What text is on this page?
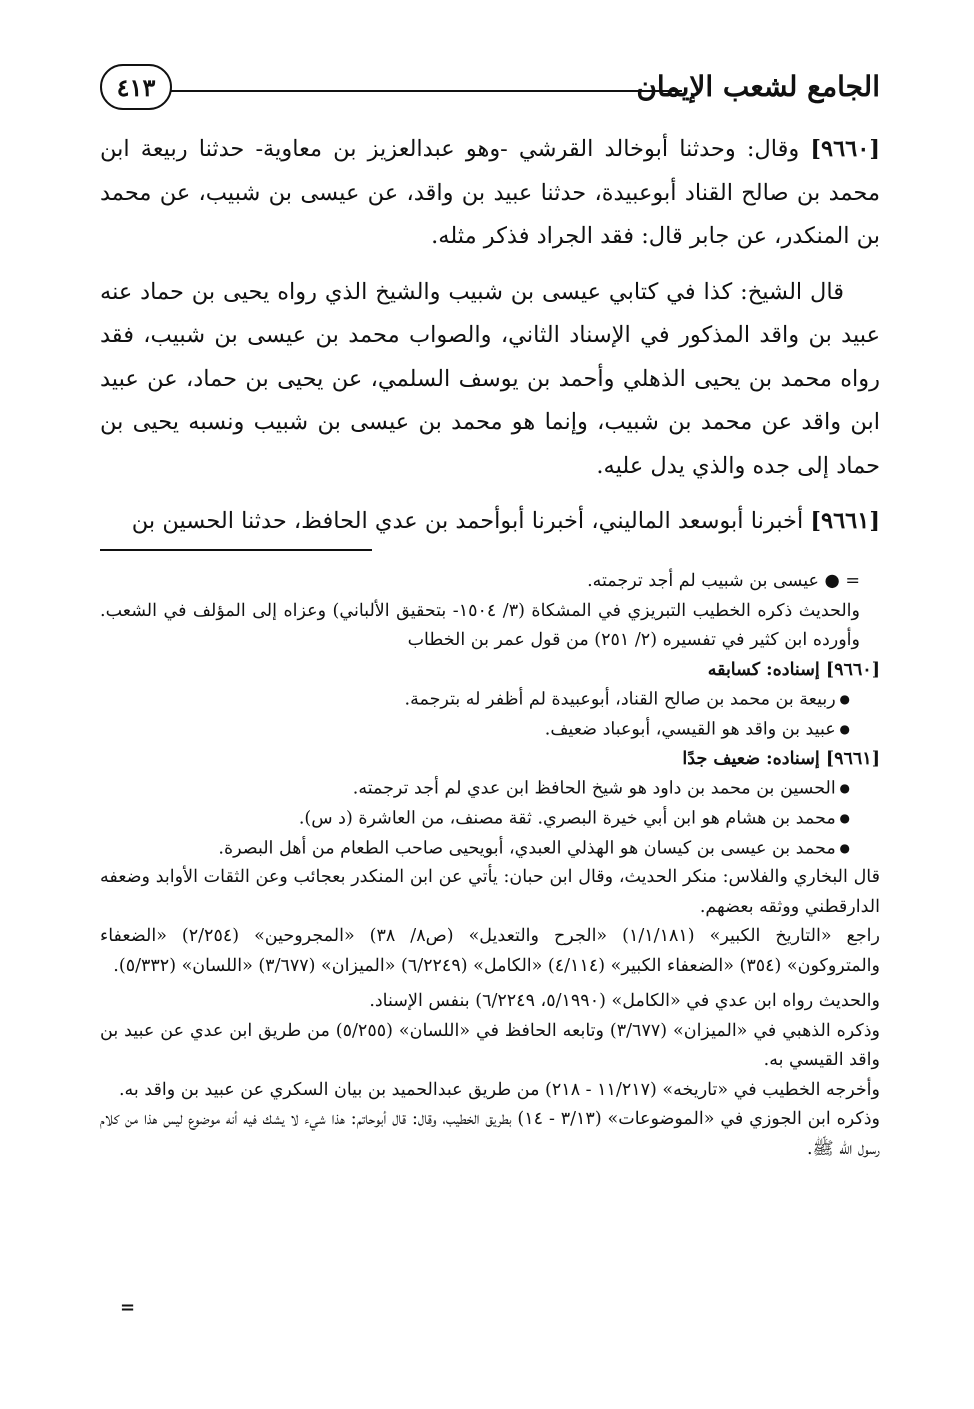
الجامع لشعب الإيمان
٤١٣

[٩٦٦٠] وقال: وحدثنا أبوخالد القرشي -وهو عبدالعزيز بن معاوية- حدثنا ربيعة ابن محمد بن صالح القناد أبوعبيدة، حدثنا عبيد بن واقد، عن عيسى بن شبيب، عن محمد بن المنكدر، عن جابر قال: فقد الجراد فذكر مثله.

قال الشيخ: كذا في كتابي عيسى بن شبيب والشيخ الذي رواه يحيى بن حماد عنه عبيد بن واقد المذكور في الإسناد الثاني، والصواب محمد بن عيسى بن شبيب، فقد رواه محمد بن يحيى الذهلي وأحمد بن يوسف السلمي، عن يحيى بن حماد، عن عبيد ابن واقد عن محمد بن شبيب، وإنما هو محمد بن عيسى بن شبيب ونسبه يحيى بن حماد إلى جده والذي يدل عليه.

[٩٦٦١] أخبرنا أبوسعد الماليني، أخبرنا أبوأحمد بن عدي الحافظ، حدثنا الحسين بن

= ● عيسى بن شبيب لم أجد ترجمته.

والحديث ذكره الخطيب التبريزي في المشكاة (٣/ ١٥٠٤- بتحقيق الألباني) وعزاه إلى المؤلف في الشعب. وأورده ابن كثير في تفسيره (٢/ ٢٥١) من قول عمر بن الخطاب

[٩٦٦٠] إسناده: كسابقه

● ربيعة بن محمد بن صالح القناد، أبوعبيدة لم أظفر له بترجمة.

● عبيد بن واقد هو القيسي، أبوعباد ضعيف.

[٩٦٦١] إسناده: ضعيف جدًا

● الحسين بن محمد بن داود هو شيخ الحافظ ابن عدي لم أجد ترجمته.

● محمد بن هشام هو ابن أبي خيرة البصري. ثقة مصنف، من العاشرة (د س).

● محمد بن عيسى بن كيسان هو الهذلي العبدي، أبويحيى صاحب الطعام من أهل البصرة.

قال البخاري والفلاس: منكر الحديث، وقال ابن حبان: يأتي عن ابن المنكدر بعجائب وعن الثقات الأوابد وضعفه الدارقطني ووثقه بعضهم.

راجع «التاريخ الكبير» (١/١/١٨١) «الجرح والتعديل» (ص٨/ ٣٨) «المجروحين» (٢/٢٥٤) «الضعفاء والمتروكون» (٣٥٤) «الضعفاء الكبير» (٤/١١٤) «الكامل» (٦/٢٢٤٩) «الميزان» (٣/٦٧٧) «اللسان» (٥/٣٣٢).

والحديث رواه ابن عدي في «الكامل» (٥/١٩٩٠، ٦/٢٢٤٩) بنفس الإسناد.

وذكره الذهبي في «الميزان» (٣/٦٧٧) وتابعه الحافظ في «اللسان» (٥/٢٥٥) من طريق ابن عدي عن عبيد بن واقد القيسي به.

وأخرجه الخطيب في «تاريخه» (١١/٢١٧ - ٢١٨) من طريق عبدالحميد بن بيان السكري عن عبيد بن واقد به.

وذكره ابن الجوزي في «الموضوعات» (٣/١٣ - ١٤) بطريق الخطيب، وقال: قال أبوحاتم: هذا شيء لا يشك فيه أنه موضوع ليس هذا من كلام رسول الله ﷺ.

=
